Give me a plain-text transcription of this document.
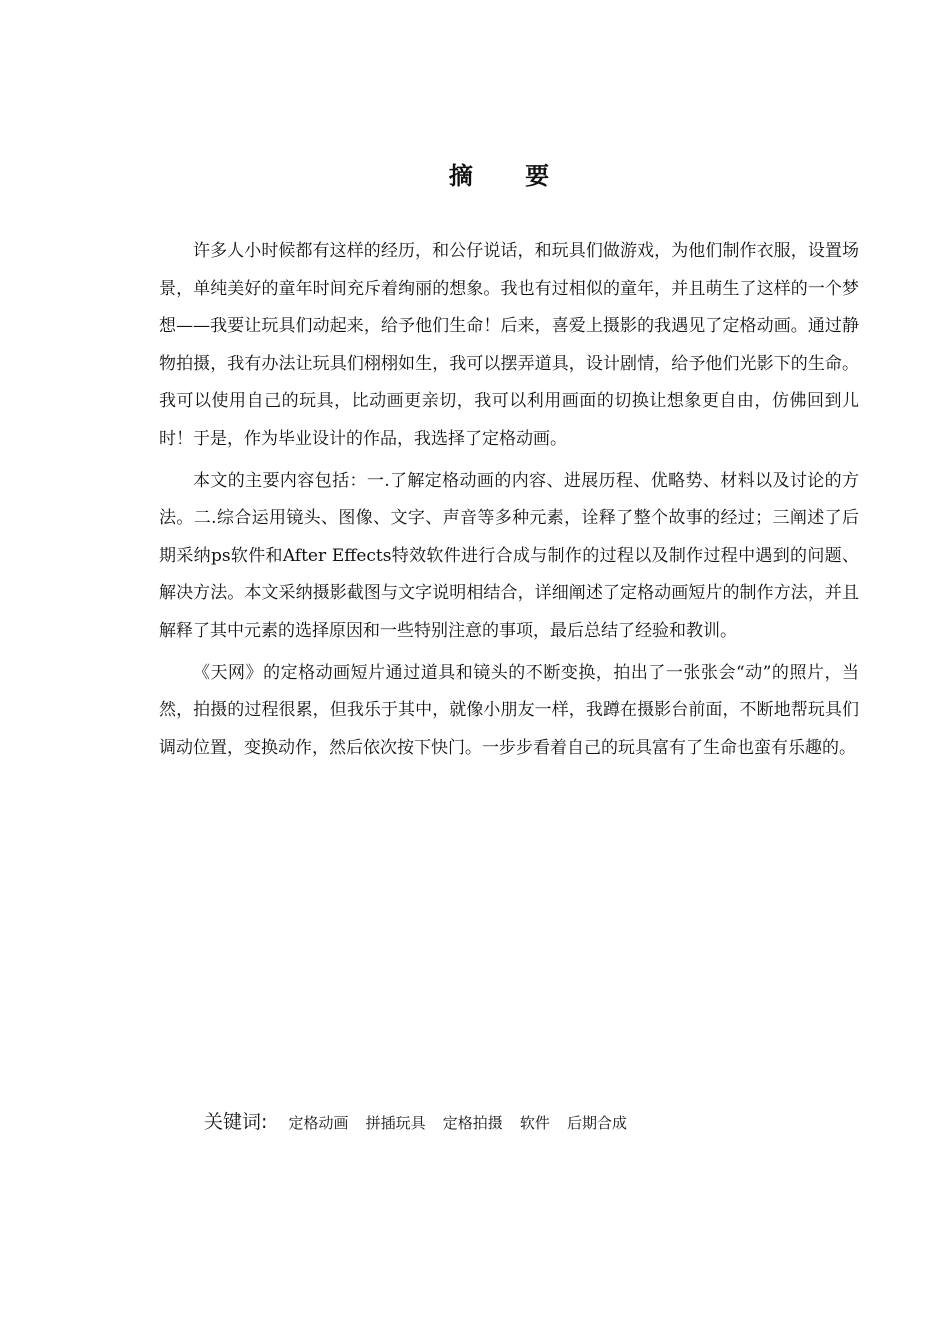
摘 要

许多人小时候都有这样的经历，和公仔说话，和玩具们做游戏，为他们制作衣服，设置场景，单纯美好的童年时间充斥着绚丽的想象。我也有过相似的童年，并且萌生了这样的一个梦想——我要让玩具们动起来，给予他们生命！后来，喜爱上摄影的我遇见了定格动画。通过静物拍摄，我有办法让玩具们栩栩如生，我可以摆弄道具，设计剧情，给予他们光影下的生命。我可以使用自己的玩具，比动画更亲切，我可以利用画面的切换让想象更自由，仿佛回到儿时！于是，作为毕业设计的作品，我选择了定格动画。

本文的主要内容包括：一.了解定格动画的内容、进展历程、优略势、材料以及讨论的方法。二.综合运用镜头、图像、文字、声音等多种元素，诠释了整个故事的经过；三阐述了后期采纳ps软件和After Effects特效软件进行合成与制作的过程以及制作过程中遇到的问题、解决方法。本文采纳摄影截图与文字说明相结合，详细阐述了定格动画短片的制作方法，并且解释了其中元素的选择原因和一些特别注意的事项，最后总结了经验和教训。

《天网》的定格动画短片通过道具和镜头的不断变换，拍出了一张张会“动”的照片，当然，拍摄的过程很累，但我乐于其中，就像小朋友一样，我蹲在摄影台前面，不断地帮玩具们调动位置，变换动作，然后依次按下快门。一步步看着自己的玩具富有了生命也蛮有乐趣的。

关键词: 定格动画 拼插玩具 定格拍摄 软件 后期合成
